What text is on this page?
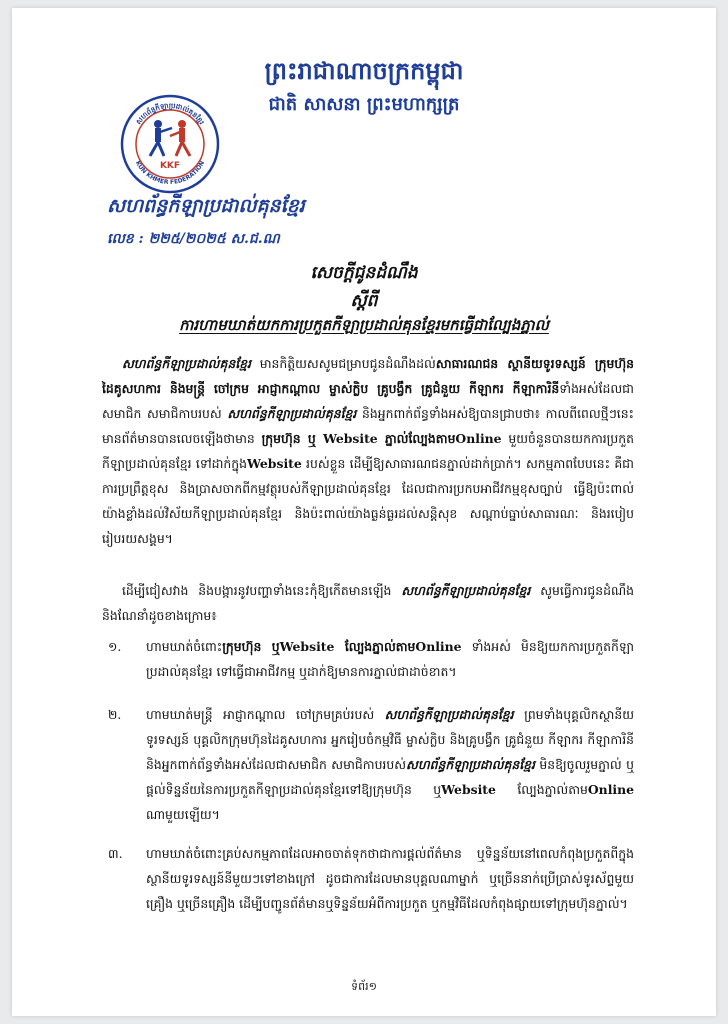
ព្រះរាជាណាចក្រកម្ពុជា
ជាតិ សាសនា ព្រះមហាក្សត្រ
សហព័ន្ធកីឡាប្រដាល់គុនខ្មែរ
KUN KHMER FEDERATION
KKF
សហព័ន្ធកីឡាប្រដាល់គុនខ្មែរ
លេខ : ២២៥/២០២៥ ស.ជ.ណ
សេចក្តីជូនដំណឹង
ស្តីពី
ការហាមឃាត់យកការប្រកួតកីឡាប្រដាល់គុនខ្មែរមកធ្វើជាល្បែងភ្នាល់
សហព័ន្ធកីឡាប្រដាល់គុនខ្មែរ មានកិត្តិយសសូមជម្រាបជូនដំណឹងដល់សាធារណជន ស្ថានីយទូរទស្សន៍ ក្រុមហ៊ុនដៃគូសហការ និងមន្ត្រី ចៅក្រម អាជ្ញាកណ្តាល ម្ចាស់ក្លិប គ្រូបង្វឹក គ្រូជំនួយ កីឡាករ កីឡាការិនីទាំងអស់ដែលជាសមាជិក សមាជិកាបរបស់ សហព័ន្ធកីឡាប្រដាល់គុនខ្មែរ និងអ្នកពាក់ព័ន្ធទាំងអស់ឱ្យបានជ្រាបថា៖ កាលពីពេលថ្មីៗនេះ មានព័ត៌មានបានលេចឡើងថាមាន ក្រុមហ៊ុន ឬ Website ភ្នាល់ល្បែងតាមOnline មួយចំនួនបានយកការប្រកួតកីឡាប្រដាល់គុនខ្មែរ ទៅដាក់ក្នុងWebsite របស់ខ្លួន ដើម្បីឱ្យសាធារណជនភ្នាល់ដាក់ប្រាក់។ សកម្មភាពបែបនេះ គឺជាការប្រព្រឹត្តខុស និងប្រាសចាកពីកម្មវត្ថុរបស់កីឡាប្រដាល់គុនខ្មែរ ដែលជាការប្រកបអាជីវកម្មខុសច្បាប់ ធ្វើឱ្យប៉ះពាល់យ៉ាងខ្លាំងដល់វិស័យកីឡាប្រដាល់គុនខ្មែរ និងប៉ះពាល់យ៉ាងធ្ងន់ធ្ងរដល់សន្តិសុខ សណ្តាប់ធ្នាប់សាធារណៈ និងរបៀបរៀបរយសង្គម។
ដើម្បីជៀសវាង និងបង្ការនូវបញ្ហាទាំងនេះកុំឱ្យកើតមានឡើង សហព័ន្ធកីឡាប្រដាល់គុនខ្មែរ សូមធ្វើការជូនដំណឹង និងណែនាំដូចខាងក្រោម៖
១. ហាមឃាត់ចំពោះក្រុមហ៊ុន ឬWebsite ល្បែងភ្នាល់តាមOnline ទាំងអស់ មិនឱ្យយកការប្រកួតកីឡាប្រដាល់គុនខ្មែរ ទៅធ្វើជាអាជីវកម្ម ឬដាក់ឱ្យមានការភ្នាល់ជាដាច់ខាត។
២. ហាមឃាត់មន្ត្រី អាជ្ញាកណ្តាល ចៅក្រមគ្រប់របស់ សហព័ន្ធកីឡាប្រដាល់គុនខ្មែរ ព្រមទាំងបុគ្គលិកស្ថានីយទូរទស្សន៍ បុគ្គលិកក្រុមហ៊ុនដៃគូសហការ អ្នករៀបចំកម្មវិធី ម្ចាស់ក្លិប និងគ្រូបង្វឹក គ្រូជំនួយ កីឡាករ កីឡាការិនី និងអ្នកពាក់ព័ន្ធទាំងអស់ដែលជាសមាជិក សមាជិកាបរបស់សហព័ន្ធកីឡាប្រដាល់គុនខ្មែរ មិនឱ្យចូលរួមភ្នាល់ ឬផ្តល់ទិន្នន័យនៃការប្រកួតកីឡាប្រដាល់គុនខ្មែរទៅឱ្យក្រុមហ៊ុន ឬWebsite ល្បែងភ្នាល់តាមOnline ណាមួយឡើយ។
៣. ហាមឃាត់ចំពោះគ្រប់សកម្មភាពដែលអាចចាត់ទុកថាជាការផ្តល់ព័ត៌មាន ឬទិន្នន័យនៅពេលកំពុងប្រកួតពីក្នុងស្ថានីយទូរទស្សន៍នីមួយៗទៅខាងក្រៅ ដូចជាការដែលមានបុគ្គលណាម្នាក់ ឬច្រើននាក់ប្រើប្រាស់ទូរស័ព្ទមួយគ្រឿង ឬច្រើនគ្រឿង ដើម្បីបញ្ជូនព័ត៌មានឬទិន្នន័យអំពីការប្រកួត ឬកម្មវិធីដែលកំពុងផ្សាយទៅក្រុមហ៊ុនភ្នាល់។
ទំព័រ១
